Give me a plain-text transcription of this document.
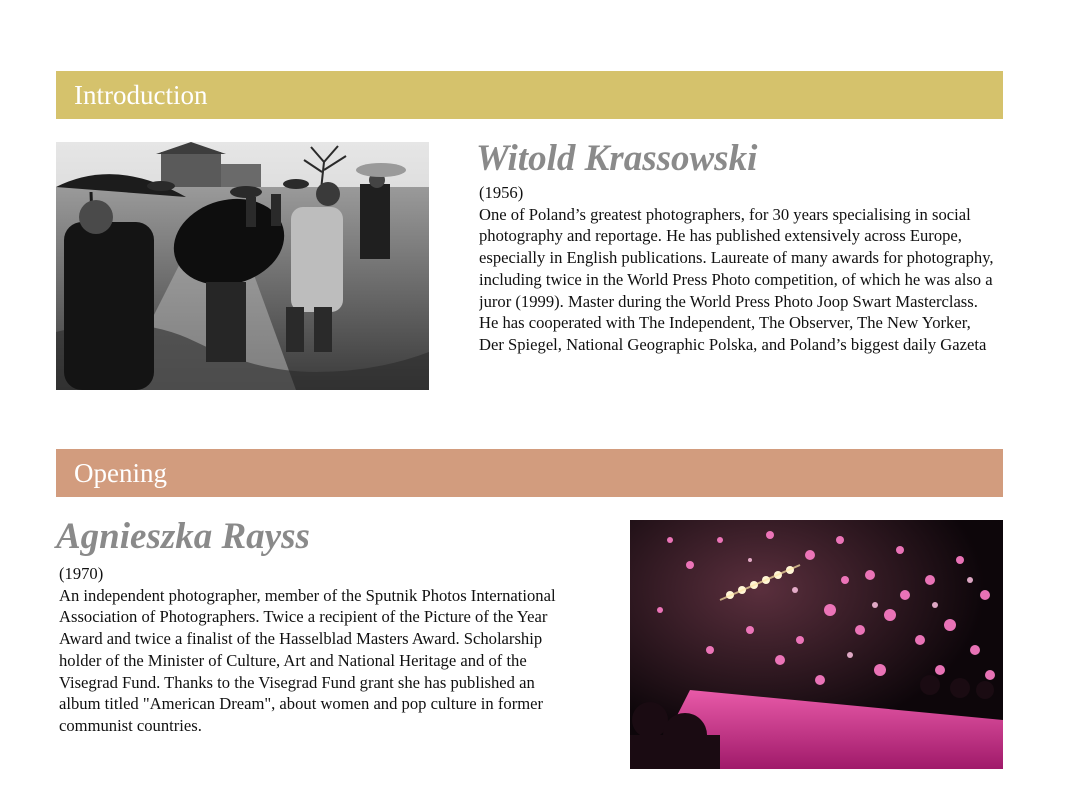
Introduction
Witold Krassowski
(1956)
One of Poland’s greatest photographers, for 30 years specialising in social photography and reportage. He has published extensively across Europe, especially in English publications. Laureate of many awards for photography, including twice in the World Press Photo competition, of which he was also a juror (1999). Master during the World Press Photo Joop Swart Masterclass. He has cooperated with The Independent, The Observer, The New Yorker, Der Spiegel, National Geographic Polska, and Poland’s biggest daily Gazeta
Opening
Agnieszka Rayss
(1970)
An independent photographer, member of the Sputnik Photos International Association of Photographers. Twice a recipient of the Picture of the Year Award and twice a finalist of the Hasselblad Masters Award. Scholarship holder of the Minister of Culture, Art and National Heritage and of the Visegrad Fund. Thanks to the Visegrad Fund grant she has published an album titled "American Dream", about women and pop culture in former communist countries.
